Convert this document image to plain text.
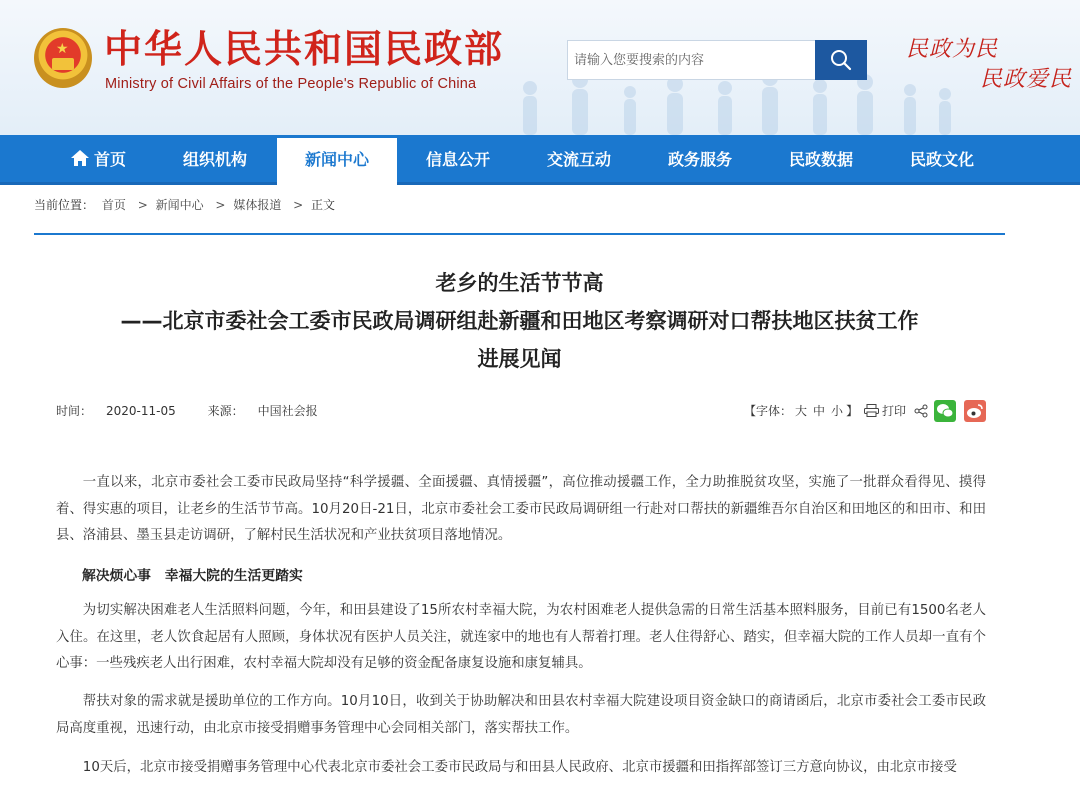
★ 中华人民共和国民政部
Ministry of Civil Affairs of the People's Republic of China
请输入您要搜索的内容
民政为民
民政爱民
首页	组织机构	新闻中心	信息公开	交流互动	政务服务	民政数据	民政文化
当前位置： 首页 > 新闻中心 > 媒体报道 > 正文
老乡的生活节节高
——北京市委社会工委市民政局调研组赴新疆和田地区考察调研对口帮扶地区扶贫工作
进展见闻
时间： 2020-11-05	来源： 中国社会报	【字体： 大 中 小 】	打印
一直以来，北京市委社会工委市民政局坚持“科学援疆、全面援疆、真情援疆”，高位推动援疆工作，全力助推脱贫攻坚，实施了一批群众看得见、摸得着、得实惠的项目，让老乡的生活节节高。10月20日-21日，北京市委社会工委市民政局调研组一行赴对口帮扶的新疆维吾尔自治区和田地区的和田市、和田县、洛浦县、墨玉县走访调研，了解村民生活状况和产业扶贫项目落地情况。
解决烦心事　幸福大院的生活更踏实
为切实解决困难老人生活照料问题，今年，和田县建设了15所农村幸福大院，为农村困难老人提供急需的日常生活基本照料服务，目前已有1500名老人入住。在这里，老人饮食起居有人照顾，身体状况有医护人员关注，就连家中的地也有人帮着打理。老人住得舒心、踏实，但幸福大院的工作人员却一直有个心事：一些残疾老人出行困难，农村幸福大院却没有足够的资金配备康复设施和康复辅具。
帮扶对象的需求就是援助单位的工作方向。10月10日，收到关于协助解决和田县农村幸福大院建设项目资金缺口的商请函后，北京市委社会工委市民政局高度重视，迅速行动，由北京市接受捐赠事务管理中心会同相关部门，落实帮扶工作。
10天后，北京市接受捐赠事务管理中心代表北京市委社会工委市民政局与和田县人民政府、北京市援疆和田指挥部签订三方意向协议，由北京市接受
